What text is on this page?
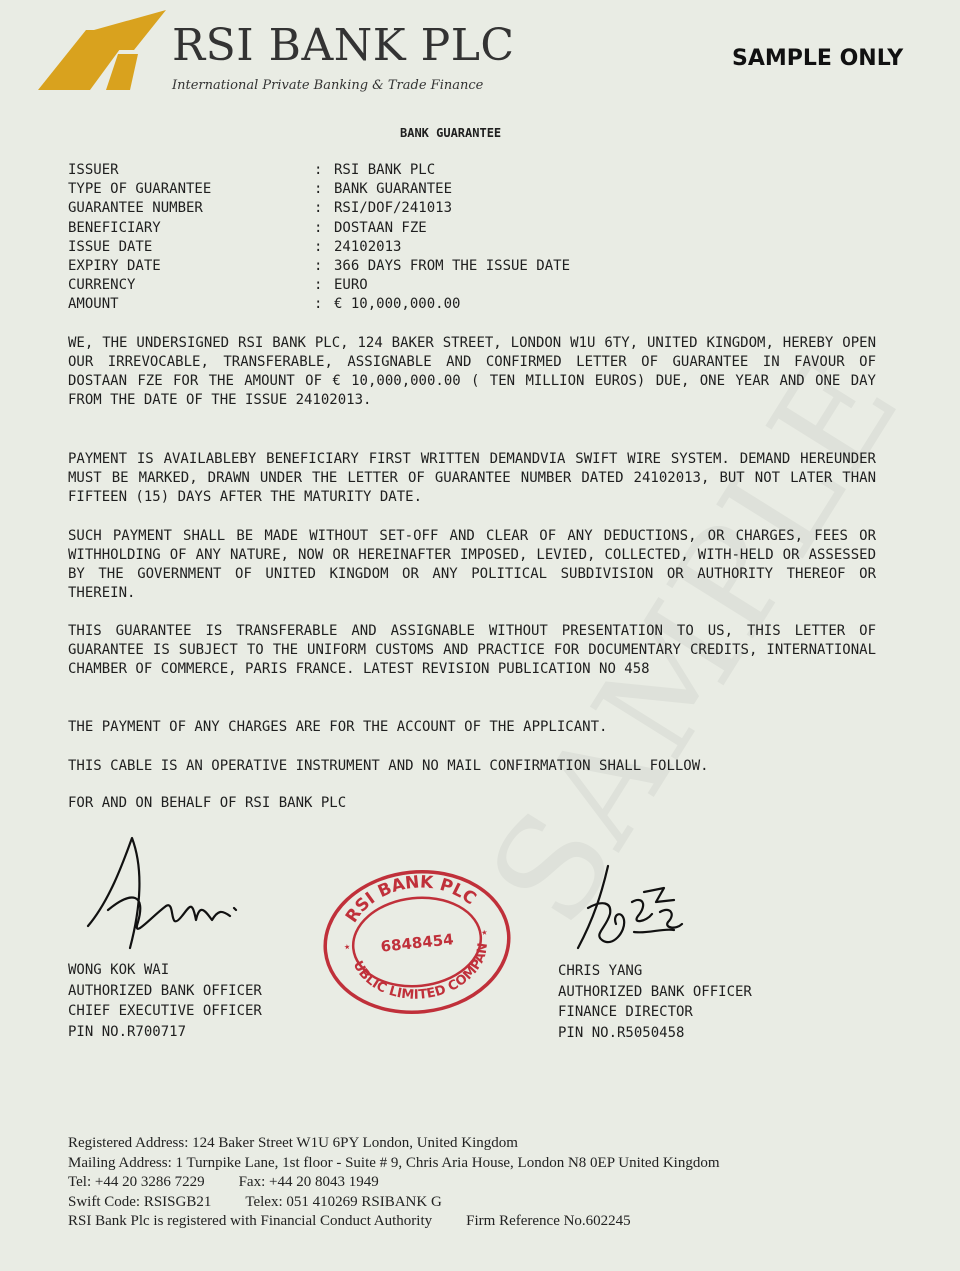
RSI BANK PLC
International Private Banking & Trade Finance
SAMPLE ONLY
BANK GUARANTEE
ISSUER	: RSI BANK PLC
TYPE OF GUARANTEE	: BANK GUARANTEE
GUARANTEE NUMBER	: RSI/DOF/241013
BENEFICIARY	: DOSTAAN FZE
ISSUE DATE	: 24102013
EXPIRY DATE	: 366 DAYS FROM THE ISSUE DATE
CURRENCY	: EURO
AMOUNT	: € 10,000,000.00
WE, THE UNDERSIGNED RSI BANK PLC, 124 BAKER STREET, LONDON W1U 6TY, UNITED KINGDOM, HEREBY OPEN OUR IRREVOCABLE, TRANSFERABLE, ASSIGNABLE AND CONFIRMED LETTER OF GUARANTEE IN FAVOUR OF DOSTAAN FZE FOR THE AMOUNT OF € 10,000,000.00 ( TEN MILLION EUROS) DUE, ONE YEAR AND ONE DAY FROM THE DATE OF THE ISSUE 24102013.
PAYMENT IS AVAILABLEBY BENEFICIARY FIRST WRITTEN DEMANDVIA SWIFT WIRE SYSTEM. DEMAND HEREUNDER MUST BE MARKED, DRAWN UNDER THE LETTER OF GUARANTEE NUMBER DATED 24102013, BUT NOT LATER THAN FIFTEEN (15) DAYS AFTER THE MATURITY DATE.
SUCH PAYMENT SHALL BE MADE WITHOUT SET-OFF AND CLEAR OF ANY DEDUCTIONS, OR CHARGES, FEES OR WITHHOLDING OF ANY NATURE, NOW OR HEREINAFTER IMPOSED, LEVIED, COLLECTED, WITH-HELD OR ASSESSED BY THE GOVERNMENT OF UNITED KINGDOM OR ANY POLITICAL SUBDIVISION OR AUTHORITY THEREOF OR THEREIN.
THIS GUARANTEE IS TRANSFERABLE AND ASSIGNABLE WITHOUT PRESENTATION TO US, THIS LETTER OF GUARANTEE IS SUBJECT TO THE UNIFORM CUSTOMS AND PRACTICE FOR DOCUMENTARY CREDITS, INTERNATIONAL CHAMBER OF COMMERCE, PARIS FRANCE. LATEST REVISION PUBLICATION NO 458
THE PAYMENT OF ANY CHARGES ARE FOR THE ACCOUNT OF THE APPLICANT.
THIS CABLE IS AN OPERATIVE INSTRUMENT AND NO MAIL CONFIRMATION SHALL FOLLOW.
FOR AND ON BEHALF OF RSI BANK PLC
WONG KOK WAI
AUTHORIZED BANK OFFICER
CHIEF EXECUTIVE OFFICER
PIN NO.R700717
RSI BANK PLC
PUBLIC LIMITED COMPANY
6848454
★
★
CHRIS YANG
AUTHORIZED BANK OFFICER
FINANCE DIRECTOR
PIN NO.R5050458
Registered Address: 124 Baker Street W1U 6PY London, United Kingdom
Mailing Address: 1 Turnpike Lane, 1st floor - Suite # 9, Chris Aria House, London N8 0EP United Kingdom
Tel: +44 20 3286 7229 Fax: +44 20 8043 1949
Swift Code: RSISGB21 Telex: 051 410269 RSIBANK G
RSI Bank Plc is registered with Financial Conduct Authority Firm Reference No.602245
